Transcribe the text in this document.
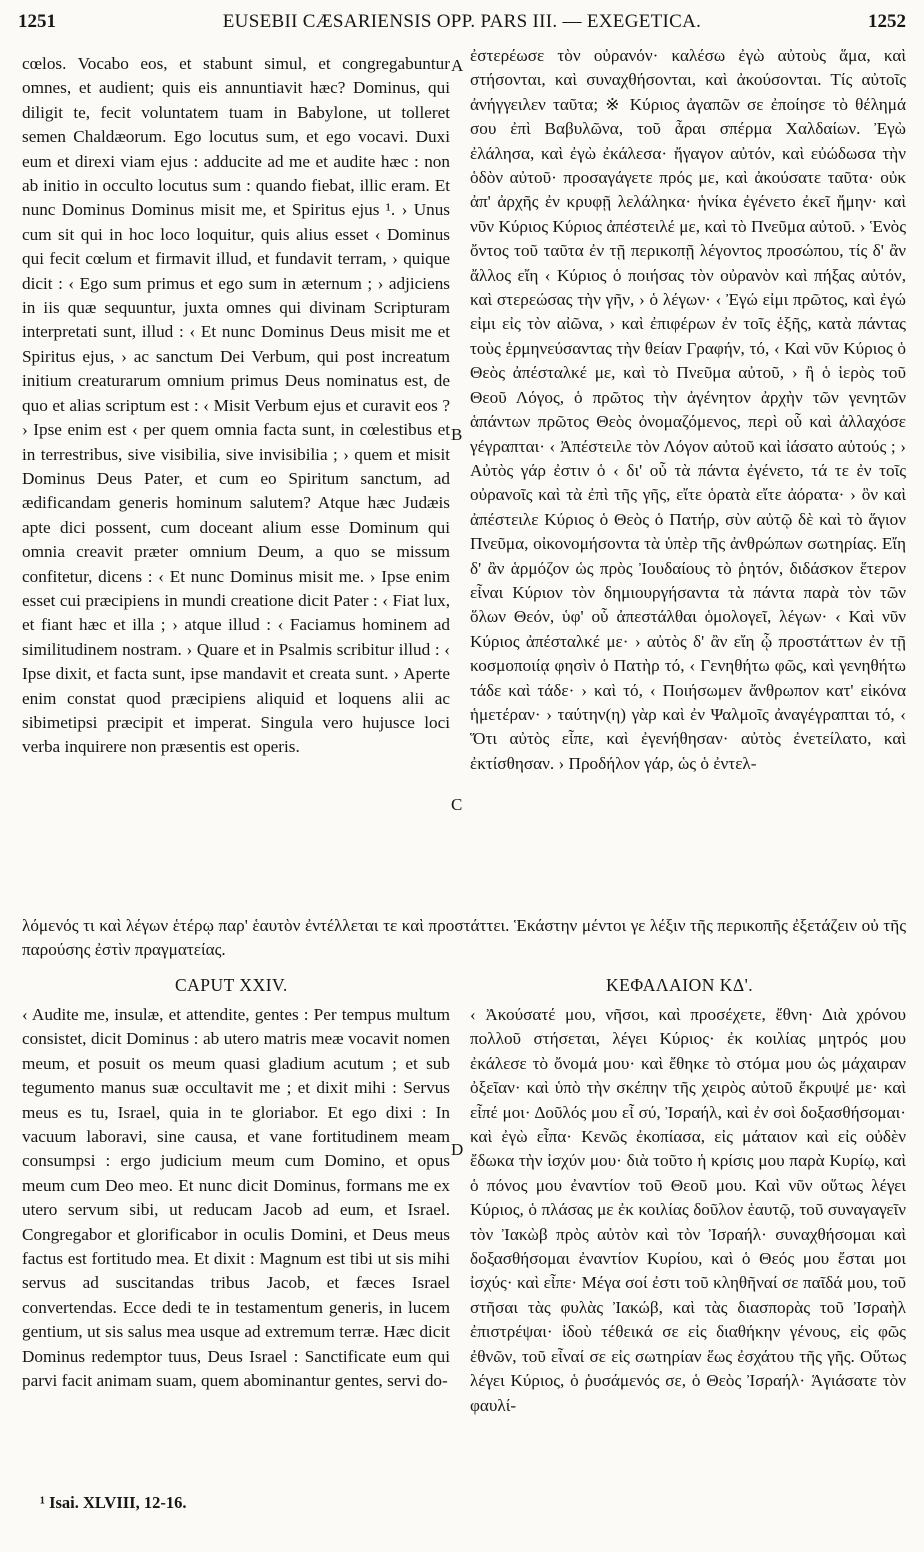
1251	EUSEBII CÆSARIENSIS OPP. PARS III. — EXEGETICA.	1252

cœlos. Vocabo eos, et stabunt simul, et congregabuntur omnes, et audient; quis eis annuntiavit hæc? Dominus, qui diligit te, fecit voluntatem tuam in Babylone, ut tolleret semen Chaldæorum. Ego locutus sum, et ego vocavi. Duxi eum et direxi viam ejus : adducite ad me et audite hæc : non ab initio in occulto locutus sum : quando fiebat, illic eram. Et nunc Dominus Dominus misit me, et Spiritus ejus ¹. › Unus cum sit qui in hoc loco loquitur, quis alius esset ‹ Dominus qui fecit cœlum et firmavit illud, et fundavit terram, › quique dicit : ‹ Ego sum primus et ego sum in æternum ; › adjiciens in iis quæ sequuntur, juxta omnes qui divinam Scripturam interpretati sunt, illud : ‹ Et nunc Dominus Deus misit me et Spiritus ejus, › ac sanctum Dei Verbum, qui post increatum initium creaturarum omnium primus Deus nominatus est, de quo et alias scriptum est : ‹ Misit Verbum ejus et curavit eos ? › Ipse enim est ‹ per quem omnia facta sunt, in cœlestibus et in terrestribus, sive visibilia, sive invisibilia ; › quem et misit Dominus Deus Pater, et cum eo Spiritum sanctum, ad ædificandam generis hominum salutem? Atque hæc Judæis apte dici possent, cum doceant alium esse Dominum qui omnia creavit præter omnium Deum, a quo se missum confitetur, dicens : ‹ Et nunc Dominus misit me. › Ipse enim esset cui præcipiens in mundi creatione dicit Pater : ‹ Fiat lux, et fiant hæc et illa ; › atque illud : ‹ Faciamus hominem ad similitudinem nostram. › Quare et in Psalmis scribitur illud : ‹ Ipse dixit, et facta sunt, ipse mandavit et creata sunt. › Aperte enim constat quod præcipiens aliquid et loquens alii ac sibimetipsi præcipit et imperat. Singula vero hujusce loci verba inquirere non præsentis est operis.

ἐστερέωσε τὸν οὐρανόν· καλέσω ἐγὼ αὐτοὺς ἅμα, καὶ στήσονται, καὶ συναχθήσονται, καὶ ἀκούσονται. Τίς αὐτοῖς ἀνήγγειλεν ταῦτα; ※ Κύριος ἀγαπῶν σε ἐποίησε τὸ θέλημά σου ἐπὶ Βαβυλῶνα, τοῦ ἆραι σπέρμα Χαλδαίων. Ἐγὼ ἐλάλησα, καὶ ἐγὼ ἐκάλεσα· ἤγαγον αὐτόν, καὶ εὐώδωσα τὴν ὁδὸν αὐτοῦ· προσαγάγετε πρός με, καὶ ἀκούσατε ταῦτα· οὐκ ἀπ' ἀρχῆς ἐν κρυφῇ λελάληκα· ἡνίκα ἐγένετο ἐκεῖ ἤμην· καὶ νῦν Κύριος Κύριος ἀπέστειλέ με, καὶ τὸ Πνεῦμα αὐτοῦ. › Ἑνὸς ὄντος τοῦ ταῦτα ἐν τῇ περικοπῇ λέγοντος προσώπου, τίς δ' ἂν ἄλλος εἴη ‹ Κύριος ὁ ποιήσας τὸν οὐρανὸν καὶ πήξας αὐτόν, καὶ στερεώσας τὴν γῆν, › ὁ λέγων· ‹ Ἐγώ εἰμι πρῶτος, καὶ ἐγώ εἰμι εἰς τὸν αἰῶνα, › καὶ ἐπιφέρων ἐν τοῖς ἑξῆς, κατὰ πάντας τοὺς ἑρμηνεύσαντας τὴν θείαν Γραφήν, τό, ‹ Καὶ νῦν Κύριος ὁ Θεὸς ἀπέσταλκέ με, καὶ τὸ Πνεῦμα αὐτοῦ, › ἢ ὁ ἱερὸς τοῦ Θεοῦ Λόγος, ὁ πρῶτος τὴν ἀγένητον ἀρχὴν τῶν γενητῶν ἁπάντων πρῶτος Θεὸς ὀνομαζόμενος, περὶ οὗ καὶ ἀλλαχόσε γέγραπται· ‹ Ἀπέστειλε τὸν Λόγον αὐτοῦ καὶ ἰάσατο αὐτούς ; › Αὐτὸς γάρ ἐστιν ὁ ‹ δι' οὗ τὰ πάντα ἐγένετο, τά τε ἐν τοῖς οὐρανοῖς καὶ τὰ ἐπὶ τῆς γῆς, εἴτε ὁρατὰ εἴτε ἀόρατα· › ὃν καὶ ἀπέστειλε Κύριος ὁ Θεὸς ὁ Πατήρ, σὺν αὐτῷ δὲ καὶ τὸ ἅγιον Πνεῦμα, οἰκονομήσοντα τὰ ὑπὲρ τῆς ἀνθρώπων σωτηρίας. Εἴη δ' ἂν ἁρμόζον ὡς πρὸς Ἰουδαίους τὸ ῥητόν, διδάσκον ἕτερον εἶναι Κύριον τὸν δημιουργήσαντα τὰ πάντα παρὰ τὸν τῶν ὅλων Θεόν, ὑφ' οὗ ἀπεστάλθαι ὁμολογεῖ, λέγων· ‹ Καὶ νῦν Κύριος ἀπέσταλκέ με· › αὐτὸς δ' ἂν εἴη ᾧ προστάττων ἐν τῇ κοσμοποιίᾳ φησὶν ὁ Πατὴρ τό, ‹ Γενηθήτω φῶς, καὶ γενηθήτω τάδε καὶ τάδε· › καὶ τό, ‹ Ποιήσωμεν ἄνθρωπον κατ' εἰκόνα ἡμετέραν· › ταύτην(η) γὰρ καὶ ἐν Ψαλμοῖς ἀναγέγραπται τό, ‹ Ὅτι αὐτὸς εἶπε, καὶ ἐγενήθησαν· αὐτὸς ἐνετείλατο, καὶ ἐκτίσθησαν. › Προδήλον γάρ, ὡς ὁ ἐντελ-

A
B
C
D

λόμενός τι καὶ λέγων ἑτέρῳ παρ' ἑαυτὸν ἐντέλλεται τε καὶ προστάττει. Ἑκάστην μέντοι γε λέξιν τῆς περικοπῆς ἐξετάζειν οὐ τῆς παρούσης ἐστὶν πραγματείας.

CAPUT XXIV.	ΚΕΦΑΛΑΙΟΝ ΚΔ'.

‹ Audite me, insulæ, et attendite, gentes : Per tempus multum consistet, dicit Dominus : ab utero matris meæ vocavit nomen meum, et posuit os meum quasi gladium acutum ; et sub tegumento manus suæ occultavit me ; et dixit mihi : Servus meus es tu, Israel, quia in te gloriabor. Et ego dixi : In vacuum laboravi, sine causa, et vane fortitudinem meam consumpsi : ergo judicium meum cum Domino, et opus meum cum Deo meo. Et nunc dicit Dominus, formans me ex utero servum sibi, ut reducam Jacob ad eum, et Israel. Congregabor et glorificabor in oculis Domini, et Deus meus factus est fortitudo mea. Et dixit : Magnum est tibi ut sis mihi servus ad suscitandas tribus Jacob, et fæces Israel convertendas. Ecce dedi te in testamentum generis, in lucem gentium, ut sis salus mea usque ad extremum terræ. Hæc dicit Dominus redemptor tuus, Deus Israel : Sanctificate eum qui parvi facit animam suam, quem abominantur gentes, servi do-

‹ Ἀκούσατέ μου, νῆσοι, καὶ προσέχετε, ἔθνη· Διὰ χρόνου πολλοῦ στήσεται, λέγει Κύριος· ἐκ κοιλίας μητρός μου ἐκάλεσε τὸ ὄνομά μου· καὶ ἔθηκε τὸ στόμα μου ὡς μάχαιραν ὀξεῖαν· καὶ ὑπὸ τὴν σκέπην τῆς χειρὸς αὐτοῦ ἔκρυψέ με· καὶ εἶπέ μοι· Δοῦλός μου εἶ σύ, Ἰσραήλ, καὶ ἐν σοὶ δοξασθήσομαι· καὶ ἐγὼ εἶπα· Κενῶς ἐκοπίασα, εἰς μάταιον καὶ εἰς οὐδὲν ἔδωκα τὴν ἰσχύν μου· διὰ τοῦτο ἡ κρίσις μου παρὰ Κυρίῳ, καὶ ὁ πόνος μου ἐναντίον τοῦ Θεοῦ μου. Καὶ νῦν οὕτως λέγει Κύριος, ὁ πλάσας με ἐκ κοιλίας δοῦλον ἑαυτῷ, τοῦ συναγαγεῖν τὸν Ἰακὼβ πρὸς αὐτὸν καὶ τὸν Ἰσραήλ· συναχθήσομαι καὶ δοξασθήσομαι ἐναντίον Κυρίου, καὶ ὁ Θεός μου ἔσται μοι ἰσχύς· καὶ εἶπε· Μέγα σοί ἐστι τοῦ κληθῆναί σε παῖδά μου, τοῦ στῆσαι τὰς φυλὰς Ἰακώβ, καὶ τὰς διασπορὰς τοῦ Ἰσραὴλ ἐπιστρέψαι· ἰδοὺ τέθεικά σε εἰς διαθήκην γένους, εἰς φῶς ἐθνῶν, τοῦ εἶναί σε εἰς σωτηρίαν ἕως ἐσχάτου τῆς γῆς. Οὕτως λέγει Κύριος, ὁ ῥυσάμενός σε, ὁ Θεὸς Ἰσραήλ· Ἁγιάσατε τὸν φαυλί-

¹ Isai. XLVIII, 12-16.
